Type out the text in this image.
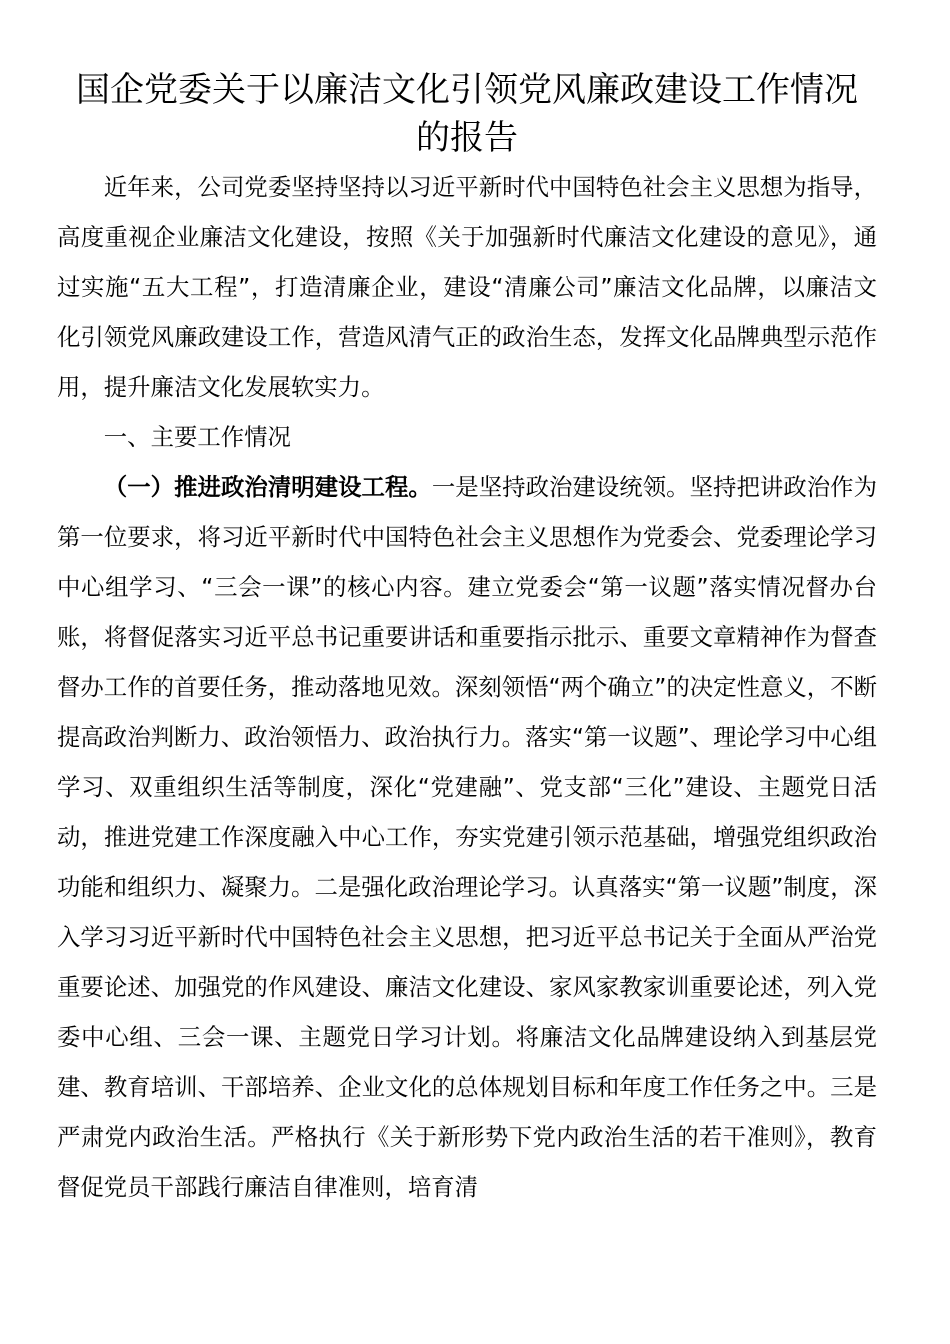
国企党委关于以廉洁文化引领党风廉政建设工作情况
的报告

近年来，公司党委坚持坚持以习近平新时代中国特色社会主义思想为指导，高度重视企业廉洁文化建设，按照《关于加强新时代廉洁文化建设的意见》，通过实施“五大工程”，打造清廉企业，建设“清廉公司”廉洁文化品牌，以廉洁文化引领党风廉政建设工作，营造风清气正的政治生态，发挥文化品牌典型示范作用，提升廉洁文化发展软实力。

一、主要工作情况

（一）推进政治清明建设工程。一是坚持政治建设统领。坚持把讲政治作为第一位要求，将习近平新时代中国特色社会主义思想作为党委会、党委理论学习中心组学习、“三会一课”的核心内容。建立党委会“第一议题”落实情况督办台账，将督促落实习近平总书记重要讲话和重要指示批示、重要文章精神作为督查督办工作的首要任务，推动落地见效。深刻领悟“两个确立”的决定性意义，不断提高政治判断力、政治领悟力、政治执行力。落实“第一议题”、理论学习中心组学习、双重组织生活等制度，深化“党建融”、党支部“三化”建设、主题党日活动，推进党建工作深度融入中心工作，夯实党建引领示范基础，增强党组织政治功能和组织力、凝聚力。二是强化政治理论学习。认真落实“第一议题”制度，深入学习习近平新时代中国特色社会主义思想，把习近平总书记关于全面从严治党重要论述、加强党的作风建设、廉洁文化建设、家风家教家训重要论述，列入党委中心组、三会一课、主题党日学习计划。将廉洁文化品牌建设纳入到基层党建、教育培训、干部培养、企业文化的总体规划目标和年度工作任务之中。三是严肃党内政治生活。严格执行《关于新形势下党内政治生活的若干准则》，教育督促党员干部践行廉洁自律准则，培育清
